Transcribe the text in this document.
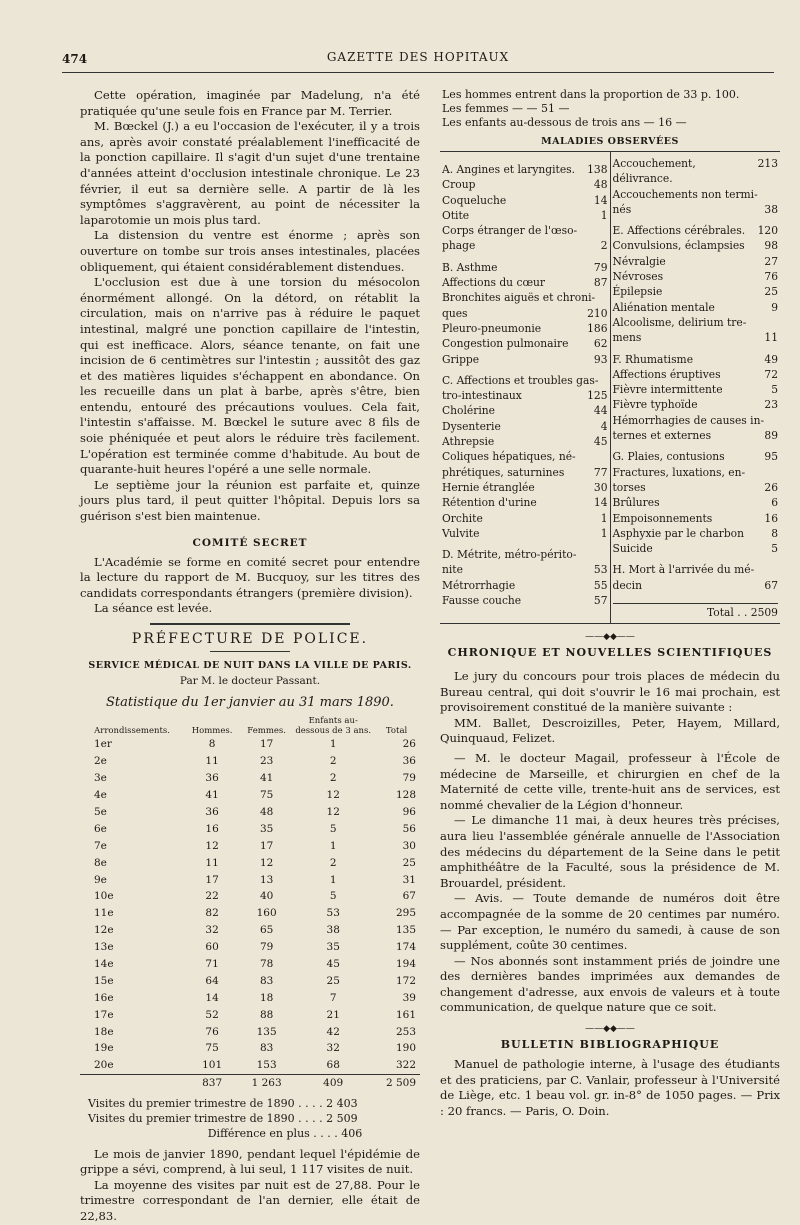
474	GAZETTE DES HOPITAUX

Cette opération, imaginée par Madelung, n'a été pratiquée qu'une seule fois en France par M. Terrier.

M. Bœckel (J.) a eu l'occasion de l'exécuter, il y a trois ans, après avoir constaté préalablement l'inefficacité de la ponction capillaire. Il s'agit d'un sujet d'une trentaine d'années atteint d'occlusion intestinale chronique. Le 23 février, il eut sa dernière selle. A partir de là les symptômes s'aggravèrent, au point de nécessiter la laparotomie un mois plus tard.

La distension du ventre est énorme ; après son ouverture on tombe sur trois anses intestinales, placées obliquement, qui étaient considérablement distendues.

L'occlusion est due à une torsion du mésocolon énormément allongé. On la détord, on rétablit la circulation, mais on n'arrive pas à réduire le paquet intestinal, malgré une ponction capillaire de l'intestin, qui est inefficace. Alors, séance tenante, on fait une incision de 6 centimètres sur l'intestin ; aussitôt des gaz et des matières liquides s'échappent en abondance. On les recueille dans un plat à barbe, après s'être, bien entendu, entouré des précautions voulues. Cela fait, l'intestin s'affaisse. M. Bœckel le suture avec 8 fils de soie phéniquée et peut alors le réduire très facilement. L'opération est terminée comme d'habitude. Au bout de quarante-huit heures l'opéré a une selle normale.

Le septième jour la réunion est parfaite et, quinze jours plus tard, il peut quitter l'hôpital. Depuis lors sa guérison s'est bien maintenue.

COMITÉ SECRET

L'Académie se forme en comité secret pour entendre la lecture du rapport de M. Bucquoy, sur les titres des candidats correspondants étrangers (première division).

La séance est levée.

PRÉFECTURE DE POLICE.
SERVICE MÉDICAL DE NUIT DANS LA VILLE DE PARIS.
Par M. le docteur Passant.
Statistique du 1er janvier au 31 mars 1890.
Arrondissements.	Hommes.	Femmes.	Enfants au-dessous de 3 ans.	Total
1er	8	17	1	26
2e	11	23	2	36
3e	36	41	2	79
4e	41	75	12	128
5e	36	48	12	96
6e	16	35	5	56
7e	12	17	1	30
8e	11	12	2	25
9e	17	13	1	31
10e	22	40	5	67
11e	82	160	53	295
12e	32	65	38	135
13e	60	79	35	174
14e	71	78	45	194
15e	64	83	25	172
16e	14	18	7	39
17e	52	88	21	161
18e	76	135	42	253
19e	75	83	32	190
20e	101	153	68	322
	837	1 263	409	2 509
Visites du premier trimestre de 1890 . . . . 2 403
Visites du premier trimestre de 1890 . . . . 2 509
Différence en plus . . . . 406

Le mois de janvier 1890, pendant lequel l'épidémie de grippe a sévi, comprend, à lui seul, 1 117 visites de nuit.

La moyenne des visites par nuit est de 27,88. Pour le trimestre correspondant de l'an dernier, elle était de 22,83.

Les hommes entrent dans la proportion de 33 p. 100.
Les femmes — — 51 —
Les enfants au-dessous de trois ans — 16 —
MALADIES OBSERVÉES
A. Angines et laryngites. 138
Croup	48
Coqueluche	14
Otite	1
Corps étranger de l'œso-
phage	2
B. Asthme	79
Affections du cœur	87
Bronchites aiguës et chroni-
ques	210
Pleuro-pneumonie	186
Congestion pulmonaire 62
Grippe	93
C. Affections et troubles gas-
tro-intestinaux	125
Cholérine	44
Dysenterie	4
Athrepsie	45
Coliques hépatiques, né-
phrétiques, saturnines	77
Hernie étranglée	30
Rétention d'urine	14
Orchite	1
Vulvite	1
D. Métrite, métro-périto-
nite	53
Métrorrhagie	55
Fausse couche	57

Accouchement, délivrance.
213
Accouchements non termi-
nés	38
E. Affections cérébrales. 120
Convulsions, éclampsies 98
Névralgie	27
Névroses	76
Épilepsie	25
Aliénation mentale	9
Alcoolisme, delirium tre-
mens	11
F. Rhumatisme	49
Affections éruptives	72
Fièvre intermittente	5
Fièvre typhoïde	23
Hémorrhagies de causes in-
ternes et externes	89
G. Plaies, contusions	95
Fractures, luxations, en-
torses	26
Brûlures	6
Empoisonnements	16
Asphyxie par le charbon	8
Suicide	5
H. Mort à l'arrivée du mé-
decin	67
Total . . 2509
——◆◆——
CHRONIQUE ET NOUVELLES SCIENTIFIQUES

Le jury du concours pour trois places de médecin du Bureau central, qui doit s'ouvrir le 16 mai prochain, est provisoirement constitué de la manière suivante :

MM. Ballet, Descroizilles, Peter, Hayem, Millard, Quinquaud, Felizet.

— M. le docteur Magail, professeur à l'École de médecine de Marseille, et chirurgien en chef de la Maternité de cette ville, trente-huit ans de services, est nommé chevalier de la Légion d'honneur.

— Le dimanche 11 mai, à deux heures très précises, aura lieu l'assemblée générale annuelle de l'Association des médecins du département de la Seine dans le petit amphithéâtre de la Faculté, sous la présidence de M. Brouardel, président.

— Avis. — Toute demande de numéros doit être accompagnée de la somme de 20 centimes par numéro. — Par exception, le numéro du samedi, à cause de son supplément, coûte 30 centimes.

— Nos abonnés sont instamment priés de joindre une des dernières bandes imprimées aux demandes de changement d'adresse, aux envois de valeurs et à toute communication, de quelque nature que ce soit.

——◆◆——
BULLETIN BIBLIOGRAPHIQUE

Manuel de pathologie interne, à l'usage des étudiants et des praticiens, par C. Vanlair, professeur à l'Université de Liège, etc. 1 beau vol. gr. in-8° de 1050 pages. — Prix : 20 francs. — Paris, O. Doin.
